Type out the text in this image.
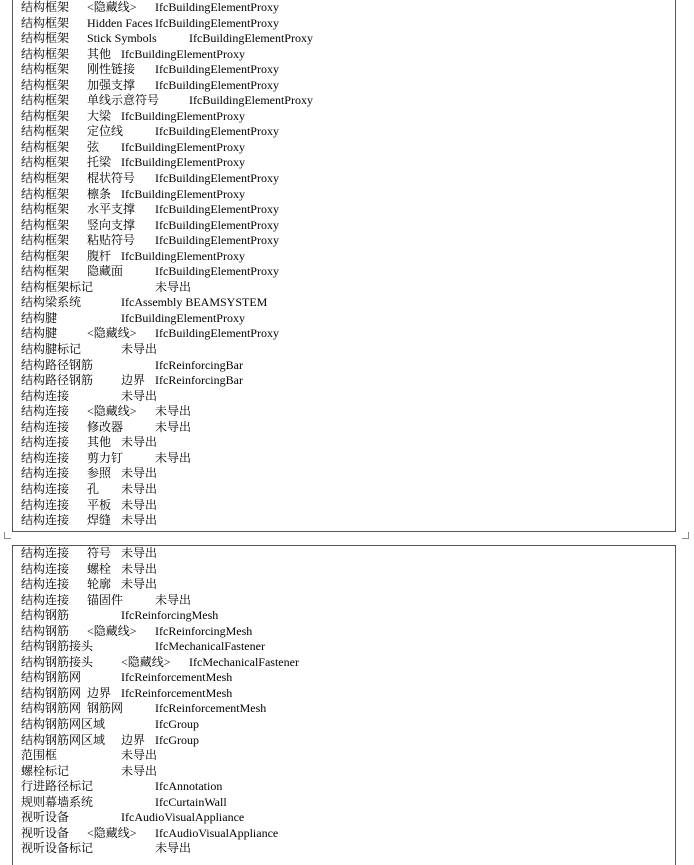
结构框架 <隐藏线> IfcBuildingElementProxy
结构框架 Hidden Faces IfcBuildingElementProxy
结构框架 Stick Symbols	IfcBuildingElementProxy
结构框架 其他 IfcBuildingElementProxy
结构框架 刚性链接 IfcBuildingElementProxy
结构框架 加强支撑 IfcBuildingElementProxy
结构框架 单线示意符号 IfcBuildingElementProxy
结构框架 大梁 IfcBuildingElementProxy
结构框架 定位线	IfcBuildingElementProxy
结构框架 弦 IfcBuildingElementProxy
结构框架 托梁 IfcBuildingElementProxy
结构框架 棍状符号 IfcBuildingElementProxy
结构框架 檩条 IfcBuildingElementProxy
结构框架 水平支撑 IfcBuildingElementProxy
结构框架 竖向支撑 IfcBuildingElementProxy
结构框架 粘贴符号 IfcBuildingElementProxy
结构框架 腹杆 IfcBuildingElementProxy
结构框架 隐藏面	IfcBuildingElementProxy
结构框架标记	未导出
结构梁系统	IfcAssembly BEAMSYSTEM
结构腱	IfcBuildingElementProxy
结构腱 <隐藏线> IfcBuildingElementProxy
结构腱标记	未导出
结构路径钢筋	IfcReinforcingBar
结构路径钢筋 边界 IfcReinforcingBar
结构连接	未导出
结构连接 <隐藏线> 未导出
结构连接 修改器	未导出
结构连接 其他 未导出
结构连接 剪力钉	未导出
结构连接 参照 未导出
结构连接 孔 未导出
结构连接 平板 未导出
结构连接 焊缝 未导出
结构连接 符号 未导出
结构连接 螺栓 未导出
结构连接 轮廓 未导出
结构连接 锚固件	未导出
结构钢筋	IfcReinforcingMesh
结构钢筋 <隐藏线> IfcReinforcingMesh
结构钢筋接头	IfcMechanicalFastener
结构钢筋接头 <隐藏线> IfcMechanicalFastener
结构钢筋网	IfcReinforcementMesh
结构钢筋网 边界 IfcReinforcementMesh
结构钢筋网 钢筋网	IfcReinforcementMesh
结构钢筋网区域	IfcGroup
结构钢筋网区域 边界 IfcGroup
范围框	未导出
螺栓标记	未导出
行进路径标记	IfcAnnotation
规则幕墙系统	IfcCurtainWall
视听设备	IfcAudioVisualAppliance
视听设备 <隐藏线> IfcAudioVisualAppliance
视听设备标记	未导出
